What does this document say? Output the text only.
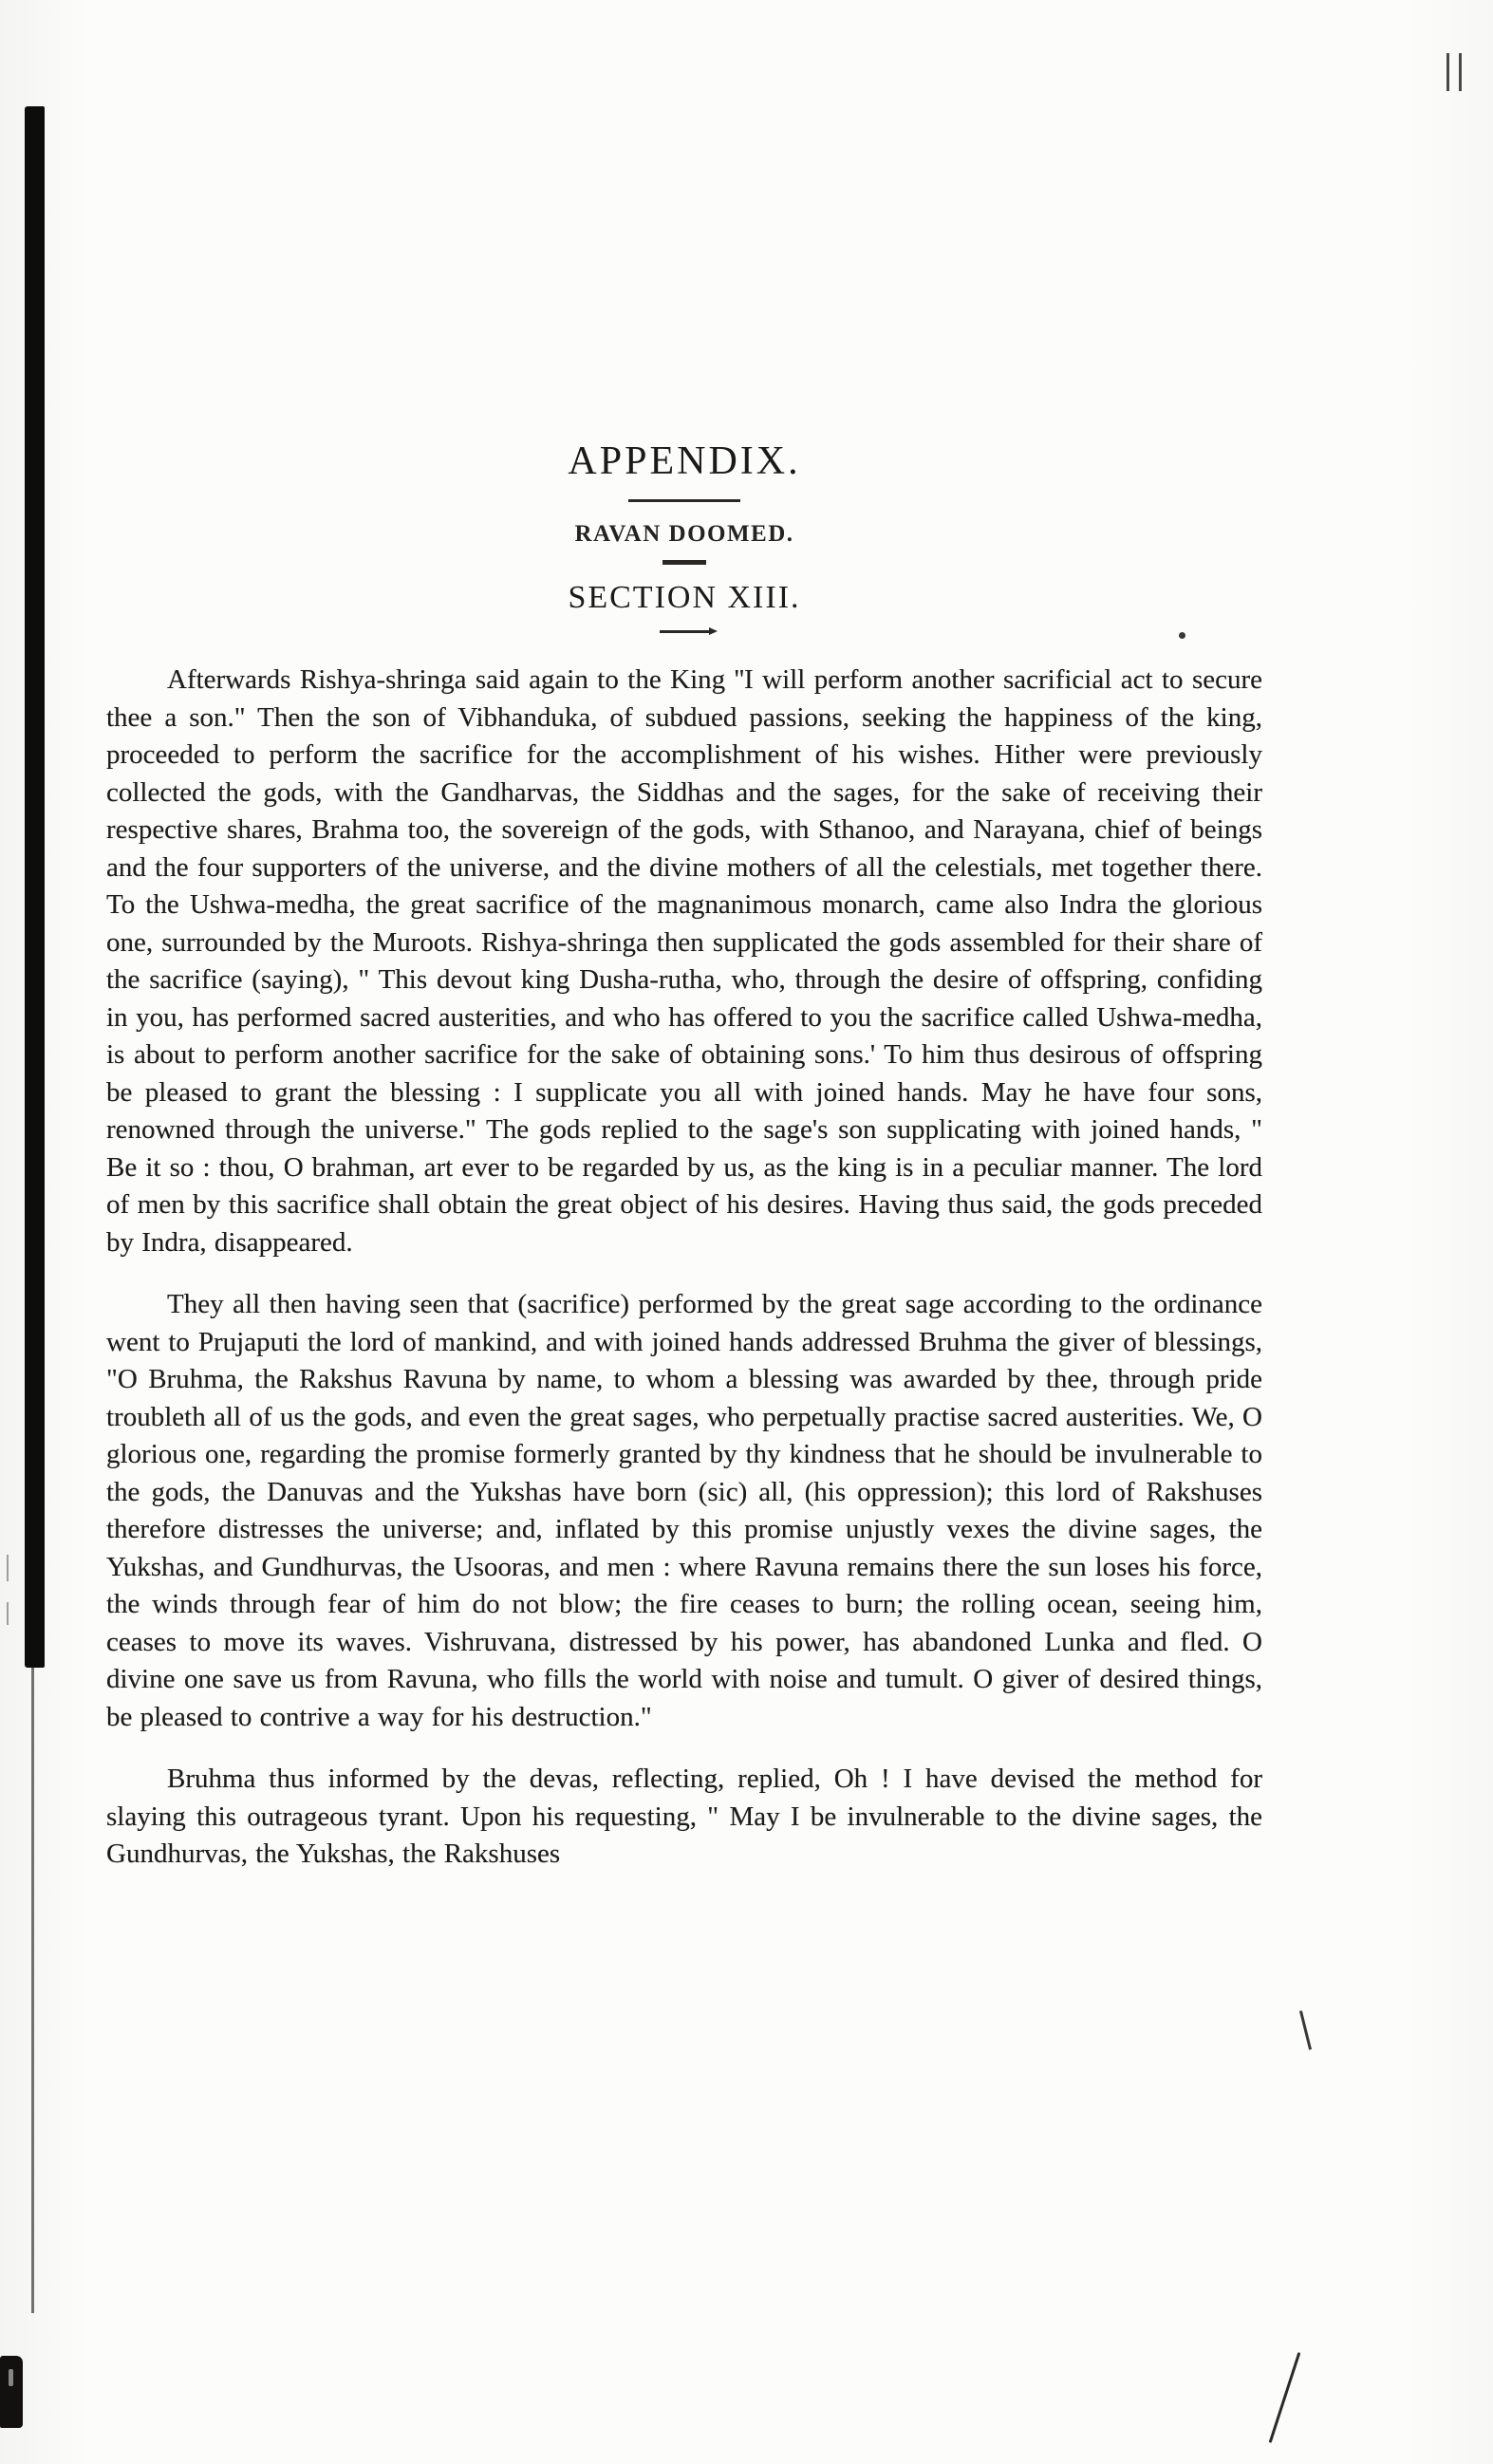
APPENDIX.
RAVAN DOOMED.
SECTION XIII.

Afterwards Rishya-shringa said again to the King ''I will perform another sacrificial act to secure thee a son." Then the son of Vibhanduka, of subdued passions, seeking the happiness of the king, proceeded to perform the sacrifice for the accomplishment of his wishes. Hither were previously collected the gods, with the Gandharvas, the Siddhas and the sages, for the sake of receiving their respective shares, Brahma too, the sovereign of the gods, with Sthanoo, and Narayana, chief of beings and the four supporters of the universe, and the divine mothers of all the celestials, met together there. To the Ushwa-medha, the great sacrifice of the magnanimous monarch, came also Indra the glorious one, surrounded by the Muroots. Rishya-shringa then supplicated the gods assembled for their share of the sacrifice (saying), " This devout king Dusha-rutha, who, through the desire of offspring, confiding in you, has performed sacred austerities, and who has offered to you the sacrifice called Ushwa-medha, is about to perform another sacrifice for the sake of obtaining sons.' To him thus desirous of offspring be pleased to grant the blessing : I supplicate you all with joined hands. May he have four sons, renowned through the universe." The gods replied to the sage's son supplicating with joined hands, " Be it so : thou, O brahman, art ever to be regarded by us, as the king is in a peculiar manner. The lord of men by this sacrifice shall obtain the great object of his desires. Having thus said, the gods preceded by Indra, disappeared.

They all then having seen that (sacrifice) performed by the great sage according to the ordinance went to Prujaputi the lord of mankind, and with joined hands addressed Bruhma the giver of blessings, "O Bruhma, the Rakshus Ravuna by name, to whom a blessing was awarded by thee, through pride troubleth all of us the gods, and even the great sages, who perpetually practise sacred austerities. We, O glorious one, regarding the promise formerly granted by thy kindness that he should be invulnerable to the gods, the Danuvas and the Yukshas have born (sic) all, (his oppression); this lord of Rakshuses therefore distresses the universe; and, inflated by this promise unjustly vexes the divine sages, the Yukshas, and Gundhurvas, the Usooras, and men : where Ravuna remains there the sun loses his force, the winds through fear of him do not blow; the fire ceases to burn; the rolling ocean, seeing him, ceases to move its waves. Vishruvana, distressed by his power, has abandoned Lunka and fled. O divine one save us from Ravuna, who fills the world with noise and tumult. O giver of desired things, be pleased to contrive a way for his destruction."

Bruhma thus informed by the devas, reflecting, replied, Oh ! I have devised the method for slaying this outrageous tyrant. Upon his requesting, " May I be invulnerable to the divine sages, the Gundhurvas, the Yukshas, the Rakshuses
